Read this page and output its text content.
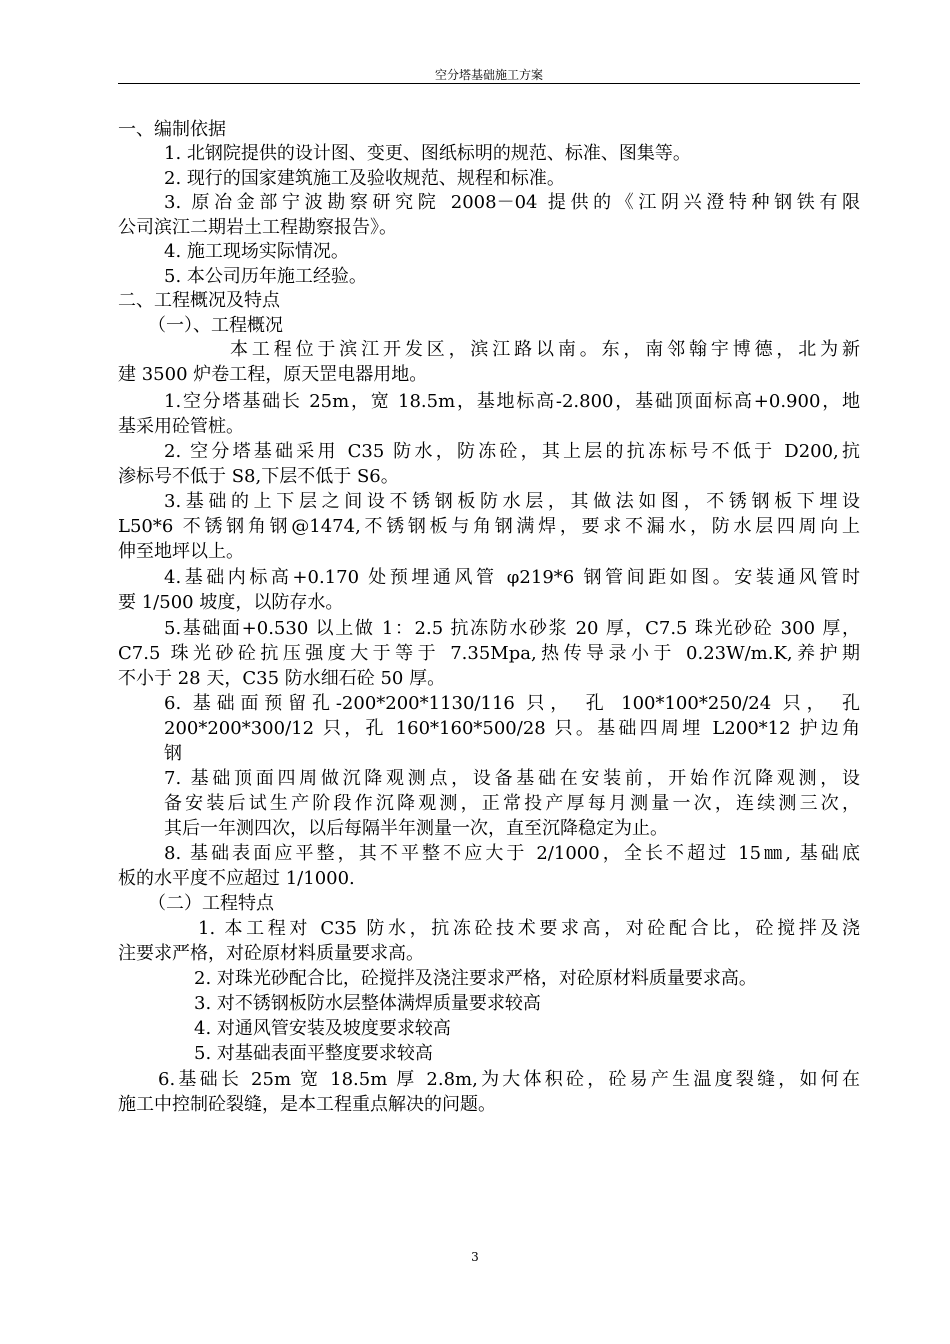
空分塔基础施工方案
一、编制依据
1. 北钢院提供的设计图、变更、图纸标明的规范、标准、图集等。
2. 现行的国家建筑施工及验收规范、规程和标准。
3. 原冶金部宁波勘察研究院 2008－04 提供的《江阴兴澄特种钢铁有限
公司滨江二期岩土工程勘察报告》。
4. 施工现场实际情况。
5. 本公司历年施工经验。
二、工程概况及特点
（一）、工程概况
本工程位于滨江开发区，滨江路以南。东，南邻翰宇博德，北为新
建 3500 炉卷工程，原天罡电器用地。
1.空分塔基础长 25m，宽 18.5m，基地标高-2.800，基础顶面标高+0.900，地
基采用砼管桩。
2. 空分塔基础采用 C35 防水，防冻砼，其上层的抗冻标号不低于 D200,抗
渗标号不低于 S8,下层不低于 S6。
3.基础的上下层之间设不锈钢板防水层，其做法如图，不锈钢板下埋设
L50*6 不锈钢角钢@1474,不锈钢板与角钢满焊，要求不漏水，防水层四周向上
伸至地坪以上。
4.基础内标高+0.170 处预埋通风管 φ219*6 钢管间距如图。安装通风管时
要 1/500 坡度，以防存水。
5.基础面+0.530 以上做 1：2.5 抗冻防水砂浆 20 厚，C7.5 珠光砂砼 300 厚，
C7.5 珠光砂砼抗压强度大于等于 7.35Mpa,热传导录小于 0.23W/m.K,养护期
不小于 28 天，C35 防水细石砼 50 厚。
6. 基础面预留孔-200*200*1130/116 只， 孔 100*100*250/24 只， 孔
200*200*300/12 只，孔 160*160*500/28 只。基础四周埋 L200*12 护边角
钢
7. 基础顶面四周做沉降观测点，设备基础在安装前，开始作沉降观测，设
备安装后试生产阶段作沉降观测，正常投产厚每月测量一次，连续测三次，
其后一年测四次，以后每隔半年测量一次，直至沉降稳定为止。
8. 基础表面应平整，其不平整不应大于 2/1000，全长不超过 15㎜, 基础底
板的水平度不应超过 1/1000.
（二）工程特点
1. 本工程对 C35 防水，抗冻砼技术要求高，对砼配合比，砼搅拌及浇
注要求严格，对砼原材料质量要求高。
2. 对珠光砂配合比，砼搅拌及浇注要求严格，对砼原材料质量要求高。
3. 对不锈钢板防水层整体满焊质量要求较高
4. 对通风管安装及坡度要求较高
5. 对基础表面平整度要求较高
6.基础长 25m 宽 18.5m 厚 2.8m,为大体积砼，砼易产生温度裂缝，如何在
施工中控制砼裂缝，是本工程重点解决的问题。
3
